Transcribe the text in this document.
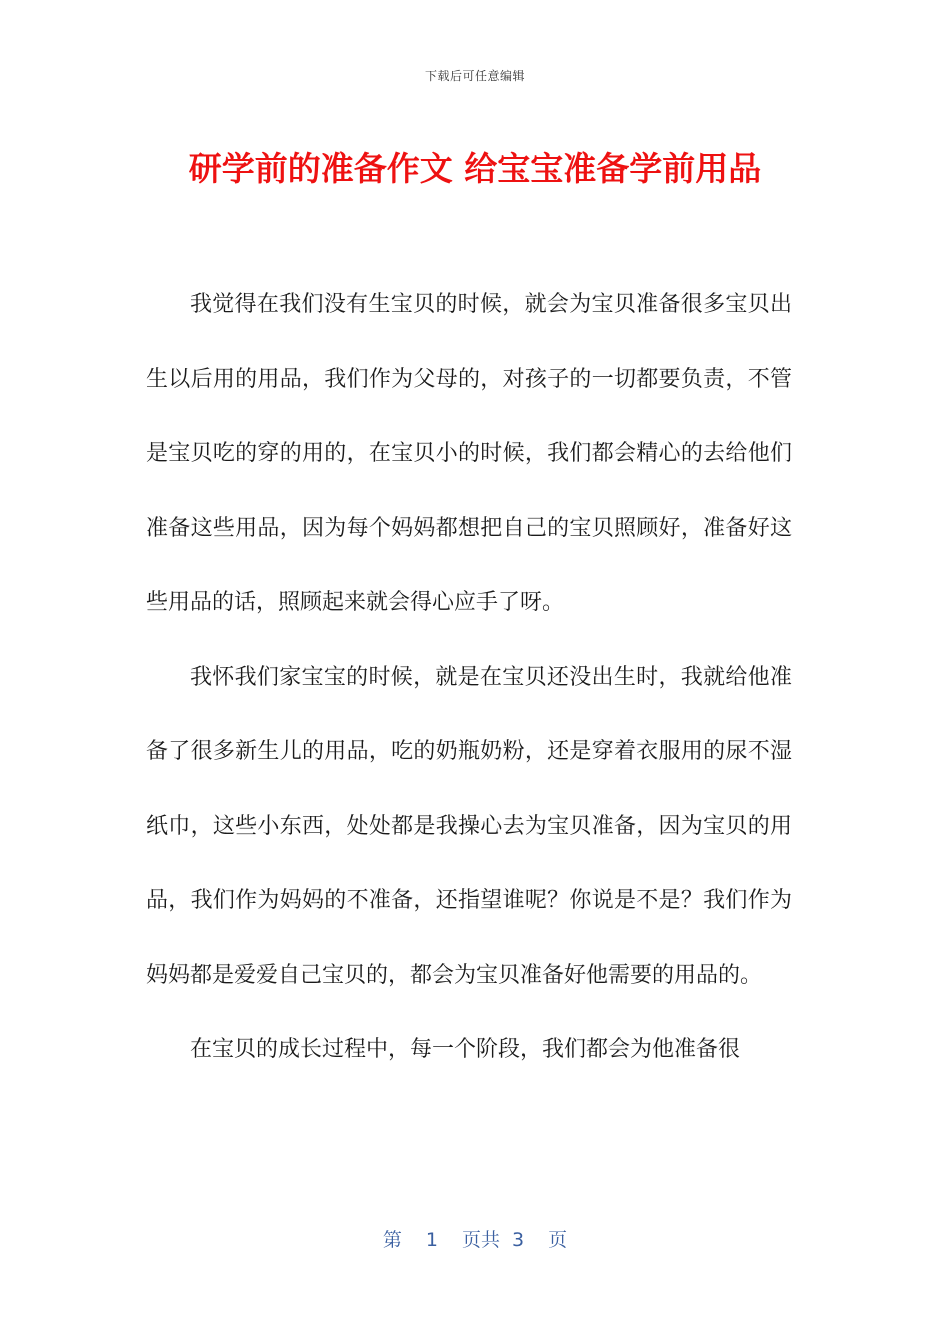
下载后可任意编辑
研学前的准备作文 给宝宝准备学前用品

我觉得在我们没有生宝贝的时候，就会为宝贝准备很多宝贝出生以后用的用品，我们作为父母的，对孩子的一切都要负责，不管是宝贝吃的穿的用的，在宝贝小的时候，我们都会精心的去给他们准备这些用品，因为每个妈妈都想把自己的宝贝照顾好，准备好这些用品的话，照顾起来就会得心应手了呀。

我怀我们家宝宝的时候，就是在宝贝还没出生时，我就给他准备了很多新生儿的用品，吃的奶瓶奶粉，还是穿着衣服用的尿不湿纸巾，这些小东西，处处都是我操心去为宝贝准备，因为宝贝的用品，我们作为妈妈的不准备，还指望谁呢？你说是不是？我们作为妈妈都是爱爱自己宝贝的，都会为宝贝准备好他需要的用品的。

在宝贝的成长过程中，每一个阶段，我们都会为他准备很

第 1 页共 3 页
